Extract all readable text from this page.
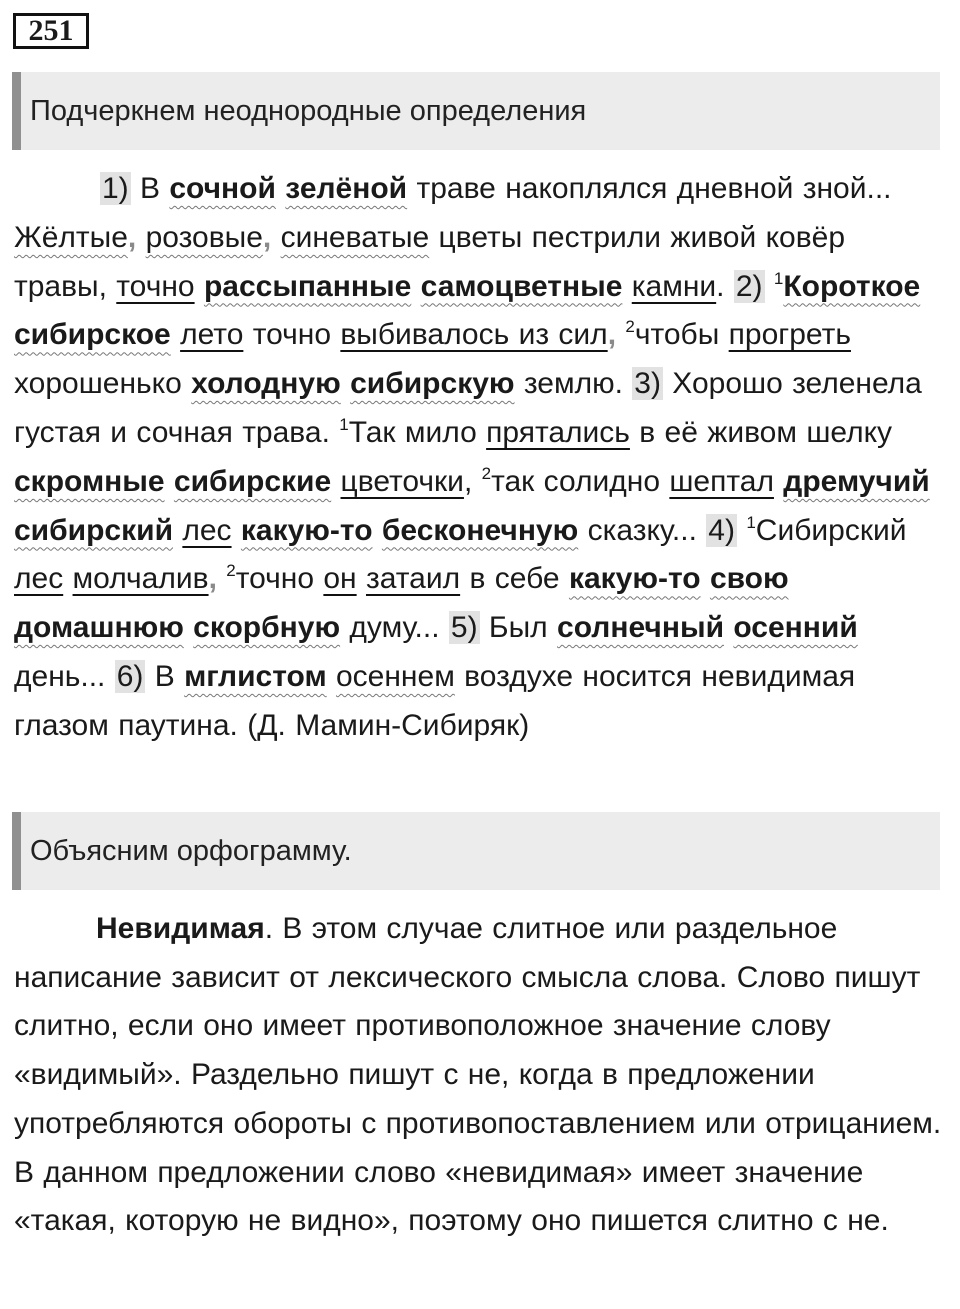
251
Подчеркнем неоднородные определения
1) В сочной зелёной траве накоплялся дневной зной... Жёлтые, розовые, синеватые цветы пестрили живой ковёр травы, точно рассыпанные самоцветные камни. 2) $^1$Короткое сибирское лето точно выбивалось из сил, $^2$чтобы прогреть хорошенько холодную сибирскую землю. 3) Хорошо зеленела густая и сочная трава. $^1$Так мило прятались в её живом шелку скромные сибирские цветочки, $^2$так солидно шептал дремучий сибирский лес какую-то бесконечную сказку... 4) $^1$Сибирский лес молчалив, $^2$точно он затаил в себе какую-то свою домашнюю скорбную думу... 5) Был солнечный осенний день... 6) В мглистом осеннем воздухе носится невидимая глазом паутина. (Д. Мамин-Сибиряк)
Объясним орфограмму.
Невидимая. В этом случае слитное или раздельное написание зависит от лексического смысла слова. Слово пишут слитно, если оно имеет противоположное значение слову «видимый». Раздельно пишут с не, когда в предложении употребляются обороты с противопоставлением или отрицанием. В данном предложении слово «невидимая» имеет значение «такая, которую не видно», поэтому оно пишется слитно с не.
